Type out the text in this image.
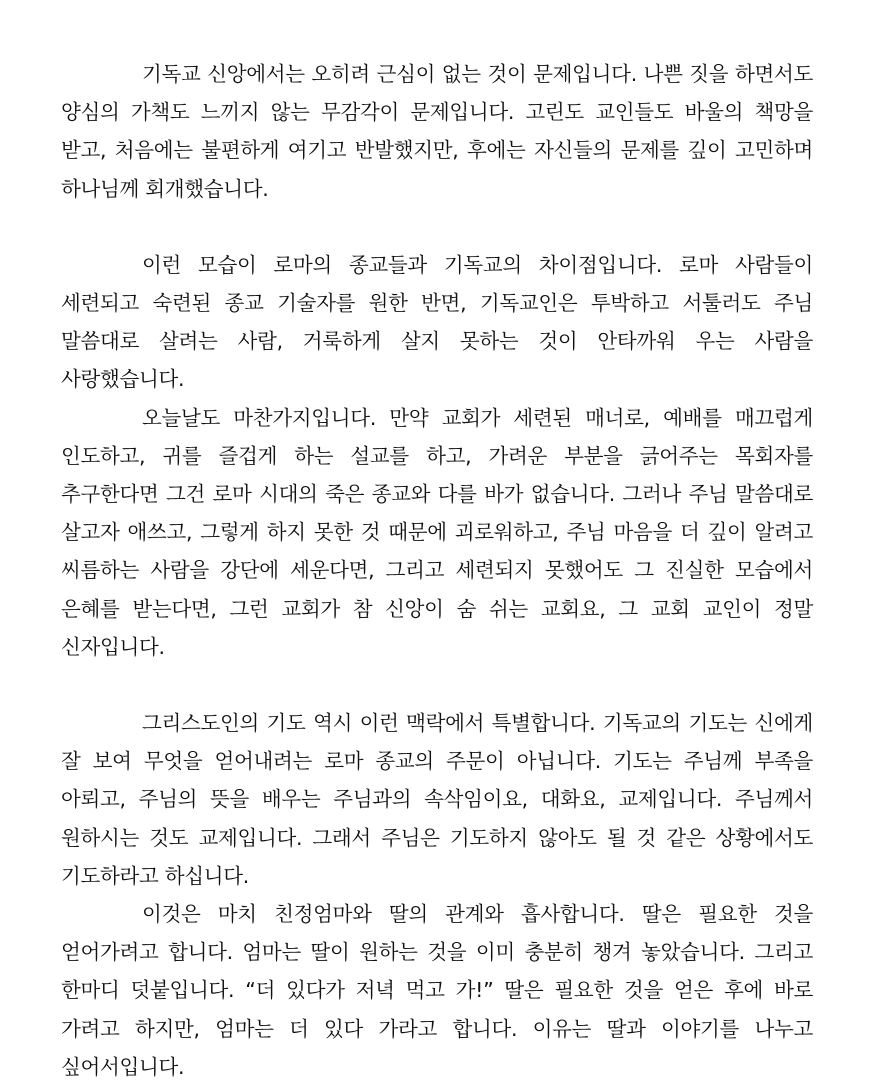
기독교 신앙에서는 오히려 근심이 없는 것이 문제입니다. 나쁜 짓을 하면서도 양심의 가책도 느끼지 않는 무감각이 문제입니다. 고린도 교인들도 바울의 책망을 받고, 처음에는 불편하게 여기고 반발했지만, 후에는 자신들의 문제를 깊이 고민하며 하나님께 회개했습니다.

이런 모습이 로마의 종교들과 기독교의 차이점입니다. 로마 사람들이 세련되고 숙련된 종교 기술자를 원한 반면, 기독교인은 투박하고 서툴러도 주님 말씀대로 살려는 사람, 거룩하게 살지 못하는 것이 안타까워 우는 사람을 사랑했습니다.

오늘날도 마찬가지입니다. 만약 교회가 세련된 매너로, 예배를 매끄럽게 인도하고, 귀를 즐겁게 하는 설교를 하고, 가려운 부분을 긁어주는 목회자를 추구한다면 그건 로마 시대의 죽은 종교와 다를 바가 없습니다. 그러나 주님 말씀대로 살고자 애쓰고, 그렇게 하지 못한 것 때문에 괴로워하고, 주님 마음을 더 깊이 알려고 씨름하는 사람을 강단에 세운다면, 그리고 세련되지 못했어도 그 진실한 모습에서 은혜를 받는다면, 그런 교회가 참 신앙이 숨 쉬는 교회요, 그 교회 교인이 정말 신자입니다.

그리스도인의 기도 역시 이런 맥락에서 특별합니다. 기독교의 기도는 신에게 잘 보여 무엇을 얻어내려는 로마 종교의 주문이 아닙니다. 기도는 주님께 부족을 아뢰고, 주님의 뜻을 배우는 주님과의 속삭임이요, 대화요, 교제입니다. 주님께서 원하시는 것도 교제입니다. 그래서 주님은 기도하지 않아도 될 것 같은 상황에서도 기도하라고 하십니다.

이것은 마치 친정엄마와 딸의 관계와 흡사합니다. 딸은 필요한 것을 얻어가려고 합니다. 엄마는 딸이 원하는 것을 이미 충분히 챙겨 놓았습니다. 그리고 한마디 덧붙입니다. “더 있다가 저녁 먹고 가!” 딸은 필요한 것을 얻은 후에 바로 가려고 하지만, 엄마는 더 있다 가라고 합니다. 이유는 딸과 이야기를 나누고 싶어서입니다.
